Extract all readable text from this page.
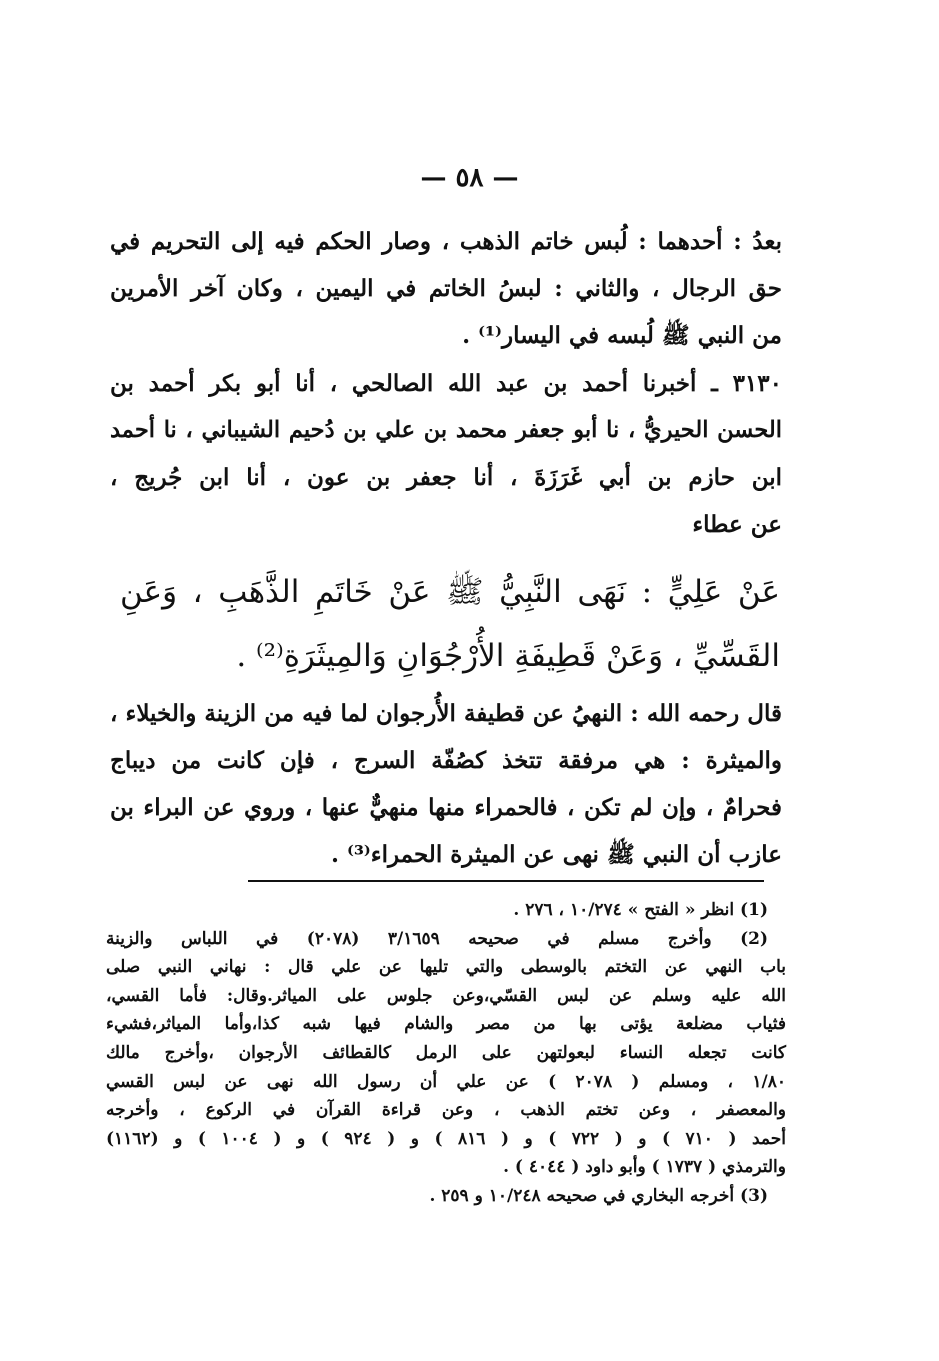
— ٥٨ —
بعدُ : أحدهما : لُبس خاتم الذهب ، وصار الحكم فيه إلى التحريم في
حق الرجال ، والثاني : لبسُ الخاتم في اليمين ، وكان آخر الأمرين
من النبي ﷺ لُبسه في اليسار⁽¹⁾ .
٣١٣٠ ـ أخبرنا أحمد بن عبد الله الصالحي ، أنا أبو بكر أحمد بن
الحسن الحيريُّ ، نا أبو جعفر محمد بن علي بن دُحيم الشيباني ، نا أحمد
ابن حازم بن أبي غَرَزَةَ ، أنا جعفر بن عون ، أنا ابن جُريج ،
عن عطاء
عَنْ عَلِيٍّ : نَهَى النَّبِيُّ ﷺ عَنْ خَاتَمِ الذَّهَبِ ، وَعَنِ
القَسِّيِّ ، وَعَنْ قَطِيفَةِ الأُرْجُوَانِ وَالمِيثَرَةِ⁽²⁾ .
قال رحمه الله : النهيُ عن قطيفة الأُرجوان لما فيه من الزينة والخيلاء ،
والميثرة : هي مرفقة تتخذ كصُفّة السرج ، فإن كانت من ديباج
فحرامٌ ، وإن لم تكن ، فالحمراء منها منهيٌّ عنها ، وروي عن البراء بن
عازب أن النبي ﷺ نهى عن الميثرة الحمراء⁽³⁾ .
(1) انظر « الفتح » ١٠/٢٧٤ ، ٢٧٦ .
(2) وأخرج مسلم في صحيحه ٣/١٦٥٩ (٢٠٧٨) في اللباس والزينة
باب النهي عن التختم بالوسطى والتي تليها عن علي قال : نهاني النبي صلى
الله عليه وسلم عن لبس القسّي،وعن جلوس على المياثر.وقال: فأما القسي،
فثياب مضلعة يؤتى بها من مصر والشام فيها شبه كذا،وأما المياثر،فشيء
كانت تجعله النساء لبعولتهن على الرمل كالقطائف الأرجوان ،وأخرج مالك
١/٨٠ ، ومسلم ( ٢٠٧٨ ) عن علي أن رسول الله نهى عن لبس القسي
والمعصفر ، وعن تختم الذهب ، وعن قراءة القرآن في الركوع ، وأخرجه
أحمد ( ٧١٠ ) و ( ٧٢٢ ) و ( ٨١٦ ) و ( ٩٢٤ ) و ( ١٠٠٤ ) و (١١٦٢)
والترمذي ( ١٧٣٧ ) وأبو داود ( ٤٠٤٤ ) .
(3) أخرجه البخاري في صحيحه ١٠/٢٤٨ و ٢٥٩ .
